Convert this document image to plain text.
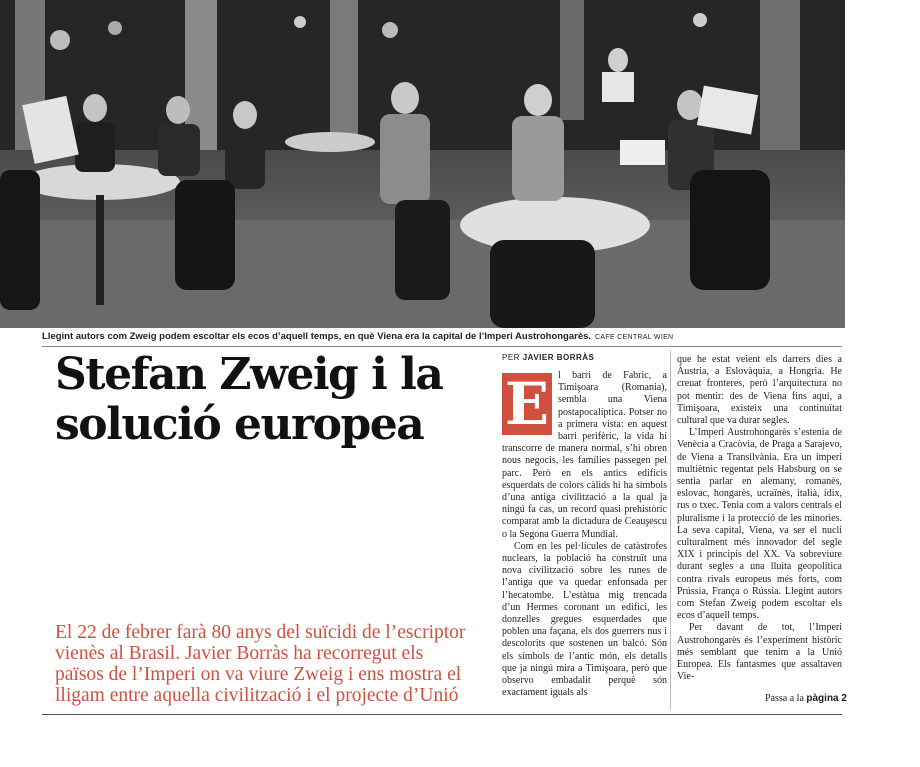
Llegint autors com Zweig podem escoltar els ecos d’aquell temps, en què Viena era la capital de l’Imperi Austrohongarès. CAFE CENTRAL WIEN
Stefan Zweig i la solució europea
El 22 de febrer farà 80 anys del suïcidi de l’escriptor vienès al Brasil. Javier Borràs ha recorregut els països de l’Imperi on va viure Zweig i ens mostra el lligam entre aquella civilització i el projecte d’Unió
PER JAVIER BORRÀS

E l barri de Fabric, a Timişoara (Romania), sembla una Viena postapocalíptica. Potser no a primera vista: en aquest barri perifèric, la vida hi transcorre de manera normal, s’hi obren nous negocis, les famílies passegen pel parc. Però en els antics edificis esquerdats de colors càlids hi ha símbols d’una antiga civilització a la qual ja ningú fa cas, un record quasi prehistòric comparat amb la dictadura de Ceauşescu o la Segona Guerra Mundial.

Com en les pel·lícules de catàstrofes nuclears, la població ha construït una nova civilització sobre les runes de l’antiga que va quedar enfonsada per l’hecatombe. L’estàtua mig trencada d’un Hermes coronant un edifici, les donzelles gregues esquerdades que poblen una façana, els dos guerrers nus i descolorits que sostenen un balcó. Són els símbols de l’antic món, els detalls que ja ningú mira a Timişoara, però que observo embadalit perquè són exactament iguals als

que he estat veient els darrers dies a Àustria, a Eslovàquia, a Hongria. He creuat fronteres, però l’arquitectura no pot mentir: des de Viena fins aquí, a Timişoara, existeix una continuïtat cultural que va durar segles.

L’Imperi Austrohongarès s’estenia de Venècia a Cracòvia, de Praga a Sarajevo, de Viena a Transilvània. Era un imperi multiètnic regentat pels Habsburg on se sentia parlar en alemany, romanès, eslovac, hongarès, ucraïnès, italià, ídix, rus o txec. Tenia com a valors centrals el pluralisme i la protecció de les minories. La seva capital, Viena, va ser el nucli culturalment més innovador del segle XIX i principis del XX. Va sobreviure durant segles a una lluita geopolítica contra rivals europeus més forts, com Prússia, França o Rússia. Llegint autors com Stefan Zweig podem escoltar els ecos d’aquell temps.

Per davant de tot, l’Imperi Austrohongarès és l’experiment històric més semblant que tenim a la Unió Europea. Els fantasmes que assaltaven Vie-

Passa a la pàgina 2
